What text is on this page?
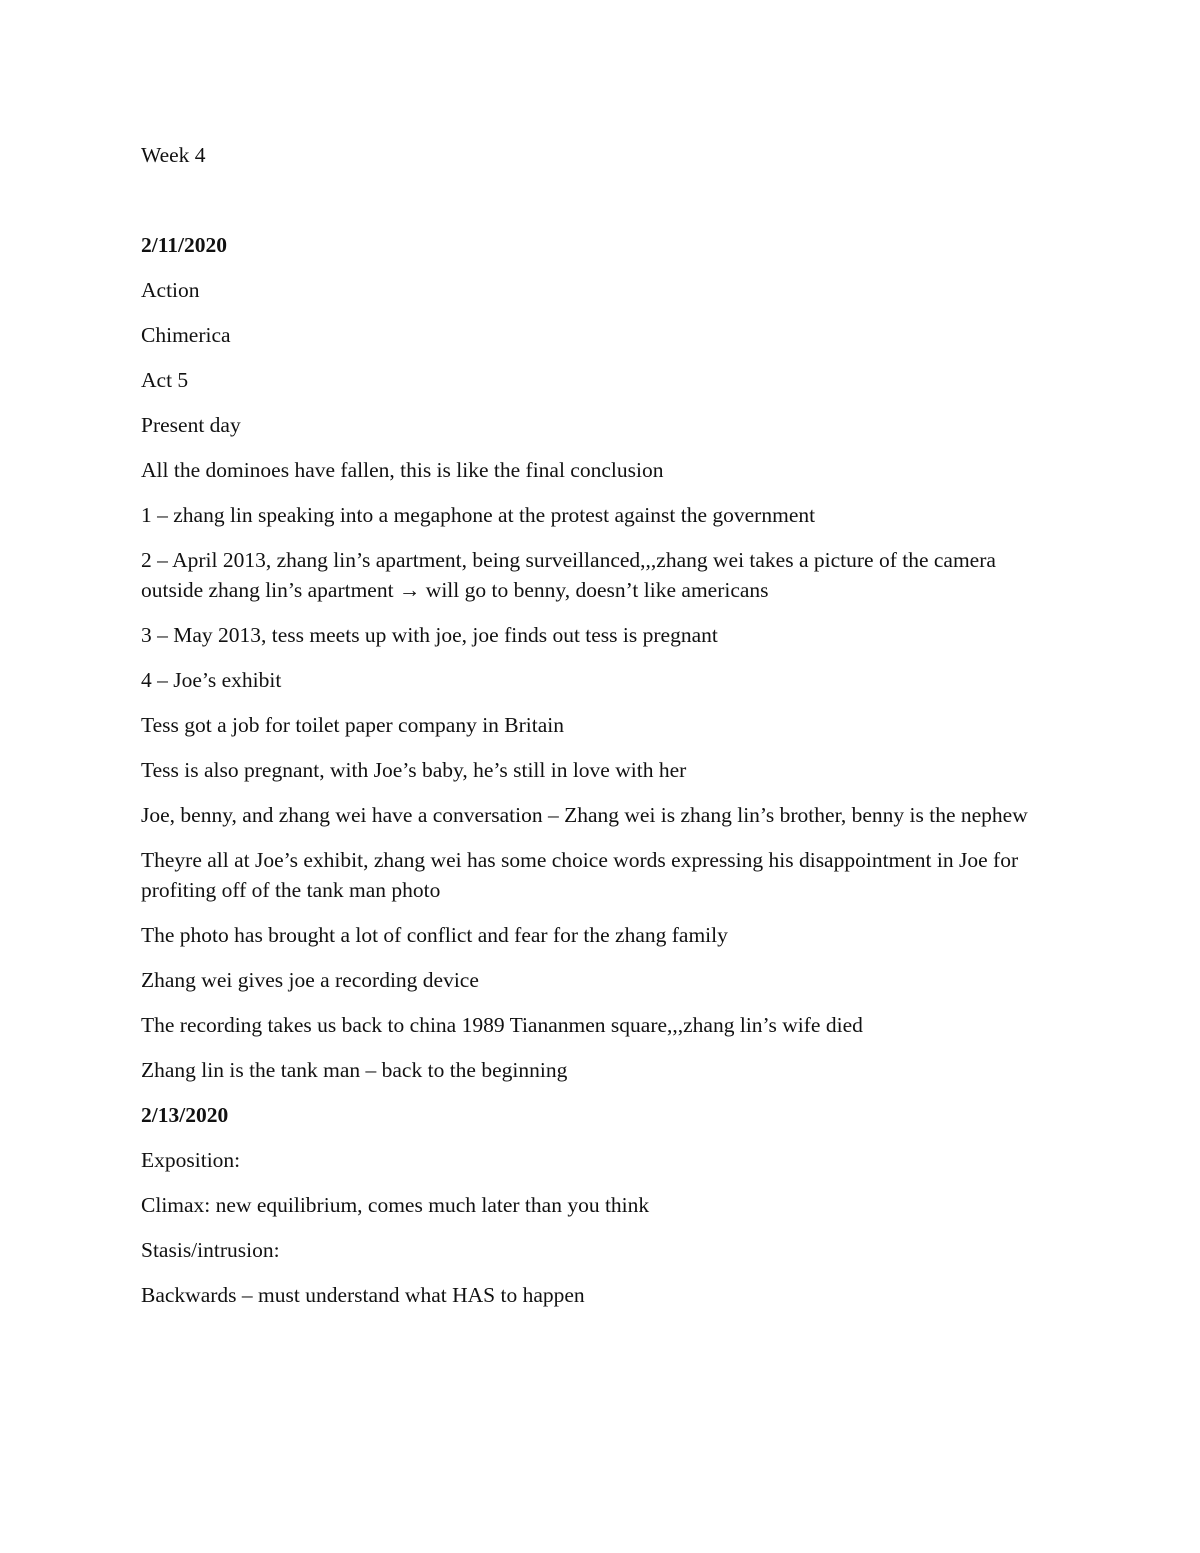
Week 4
2/11/2020
Action
Chimerica
Act 5
Present day
All the dominoes have fallen, this is like the final conclusion
1 – zhang lin speaking into a megaphone at the protest against the government
2 – April 2013, zhang lin’s apartment, being surveillanced,,,zhang wei takes a picture of the camera outside zhang lin’s apartment → will go to benny, doesn’t like americans
3 – May 2013, tess meets up with joe, joe finds out tess is pregnant
4 – Joe’s exhibit
Tess got a job for toilet paper company in Britain
Tess is also pregnant, with Joe’s baby, he’s still in love with her
Joe, benny, and zhang wei have a conversation – Zhang wei is zhang lin’s brother, benny is the nephew
Theyre all at Joe’s exhibit, zhang wei has some choice words expressing his disappointment in Joe for profiting off of the tank man photo
The photo has brought a lot of conflict and fear for the zhang family
Zhang wei gives joe a recording device
The recording takes us back to china 1989 Tiananmen square,,,zhang lin’s wife died
Zhang lin is the tank man – back to the beginning
2/13/2020
Exposition:
Climax: new equilibrium, comes much later than you think
Stasis/intrusion:
Backwards – must understand what HAS to happen
